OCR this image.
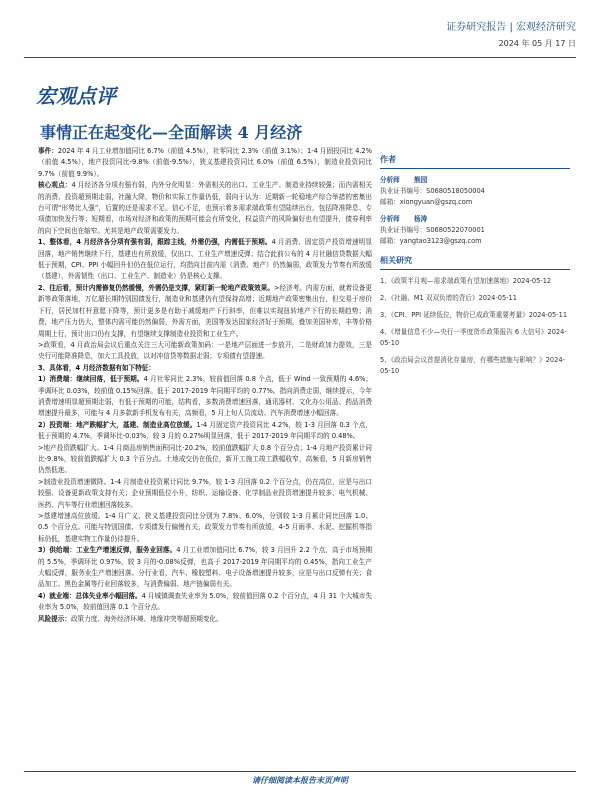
证券研究报告 | 宏观经济研究
2024 年 05 月 17 日
宏观点评
事情正在起变化—全面解读 4 月经济

事件：2024 年 4 月工业增加值同比 6.7%（前值 4.5%），社零同比 2.3%（前值 3.1%）；1-4 月固投同比 4.2%（前值 4.5%），地产投资同比-9.8%（前值-9.5%），狭义基建投资同比 6.0%（前值 6.5%），制造业投资同比 9.7%（前值 9.9%）。

核心观点：4 月经济各分项有强有弱，内外分化明显：外需相关的出口、工业生产、制造业持续较强；而内需相关的消费、投资超预期走弱，社融大降，物价和实际工作量仍低，弱向于认为：近期新一轮稳地产综合举措的密集出台可谓“形势比人强”，后置的还是需求不足。信心不足，也预示着多需求端政策有望陆续出台，包括降准降息、专项债加快发行等；短期看，市场对经济和政策的预期可能会有所变化，权益资产的风险偏好也有望提升，债券利率的向下空间也在缩窄。尤其是地产政策需要发力。

1、整体看，4 月经济各分项有强有弱，跟踪主线，外需仍强，内需低于预期。4 月消费、固定资产投资增速明显回落，地产销售继续下行，基建也有所放缓，仅出口、工业生产增速反弹；结合此前公布的 4 月社融信贷数据大幅低于预期，CPI、PPI 小幅回升但仍在低位运行，均指向目前内需（消费、地产）仍然偏弱，政策发力节奏有所放缓（基建），外需韧性（出口、工业生产、制造业）仍是核心支撑。

2、往后看，预计内需修复仍然缓慢，外需仍是支撑，紧盯新一轮地产政策效果。>经济考。内需方面，就着设备更新等政策落地，万亿超长期特别国债发行，制造业和基建仍有望保持高增；近期地产政策密集出台，但交易于房价下行，居民加杠杆意愿下降等，预计更多是有助于减缓地产下行斜率，但难以实现扭转地产下行的长期趋势；消费，地产压力仍大，整体内需可能仍然偏弱，外需方面，美国等发达国家经济好于预期，叠加美国补库，丰等价格周期上行，预计出口仍有支撑，有望继续支撑制造业投资和工业生产。

>政策看，4 月政治局会议后重点关注三大可能新政策加码：一是地产层面进一步放开，二是财政加力提效，三是央行可能降准降息，加大工具投放，以对冲信贷等数据走弱；专项债有望提速。

3、具体看，4 月经济数据有如下特征：

1）消费端：继续回落，低于预期。4 月社零同比 2.3%，较前值回落 0.8 个点，低于 Wind 一致预期的 4.6%；季调环比 0.03%，较前值 0.15%回落。低于 2017-2019 年同期平均的 0.77%。指向消费走弱，继续提示，今年消费增速明显超预期走弱，有低于预期的可能，结构看，多数消费增速回落，通讯器材、文化办公用品、药品消费增速提升最多，可能与 4 月多款新手机发布有关，高频看，5 月上旬人员流动、汽车消费增速小幅回落。

2）投资端：地产跌幅扩大，基建、制造业高位放缓。1-4 月固定资产投资同比 4.2%，较 1-3 月回落 0.3 个点，低于预期的 4.7%，季调环比-0.03%，较 3 月的 0.27%明显回落，低于 2017-2019 年同期平均的 0.48%。

>地产投资跌幅扩大。1-4 月商品房销售面积同比-20.2%，较前值跌幅扩大 0.8 个百分点；1-4 月地产投资累计同比-9.8%，较前值跌幅扩大 0.3 个百分点。土地成交仍在低位，新开工施工竣工跌幅收窄，高频看，5 月新房销售仍然低迷。

>制造业投资增速微降。1-4 月制造业投资累计同比 9.7%，较 1-3 月回落 0.2 个百分点，仍在高位，应是与出口较强、设备更新政策支持有关；企业预期低位小升，纺织、运输设备、化学制品业投资增速提升较多、电气机械、医药、汽车等行业增速回落较多。

>基建增速高位放缓。1-4 月广义、狭义基建投资同比分别为 7.8%、6.0%，分别较 1-3 月累计同比回落 1.0、0.5 个百分点。可能与特别国债、专项债发行偏慢有关，政策发力节奏有所放缓，4-5 月雨季、水泥、挖掘机等指标仍低，基建实物工作量仍待提升。

3）供给端：工业生产增速反弹，服务业回落。4 月工业增加值同比 6.7%，较 3 月回升 2.2 个点，高于市场预期的 5.5%，季调环比 0.97%，较 3 月的-0.08%反弹，也高于 2017-2019 年同期平均的 0.45%，指向工业生产大幅反弹，服务业生产增速回落。分行业看，汽车、橡胶塑料、电子设备增速提升较多，应是与出口反弹有关；食品加工、黑色金属等行业回落较多，与消费偏弱、地产链偏弱有关。

4）就业端：总体失业率小幅回落。4 月城镇调查失业率为 5.0%，较前值回落 0.2 个百分点，4 月 31 个大城市失业率为 5.0%，较前值回落 0.1 个百分点。

风险提示：政策力度、海外经济环境、地缘冲突等超预期变化。

作者
分析师	熊园
执业证书编号：S0680518050004
邮箱：xiongyuan@gszq.com
分析师	杨涛
执业证书编号：S0680522070001
邮箱：yangtao3123@gszq.com
相关研究
1、《政策半月观—需求端政策有望加速落地》2024-05-12
2、《社融、M1 双双负增的背后》2024-05-11
3、《CPI、PPI 延续低位，物价已成政策重要考量》2024-05-11
4、《增量信息不少—央行一季度货币政策报告 6 大信号》2024-05-10
5、《政治局会议首提消化存量房，有哪些措施与影响？》2024-05-10
请仔细阅读本报告末页声明
